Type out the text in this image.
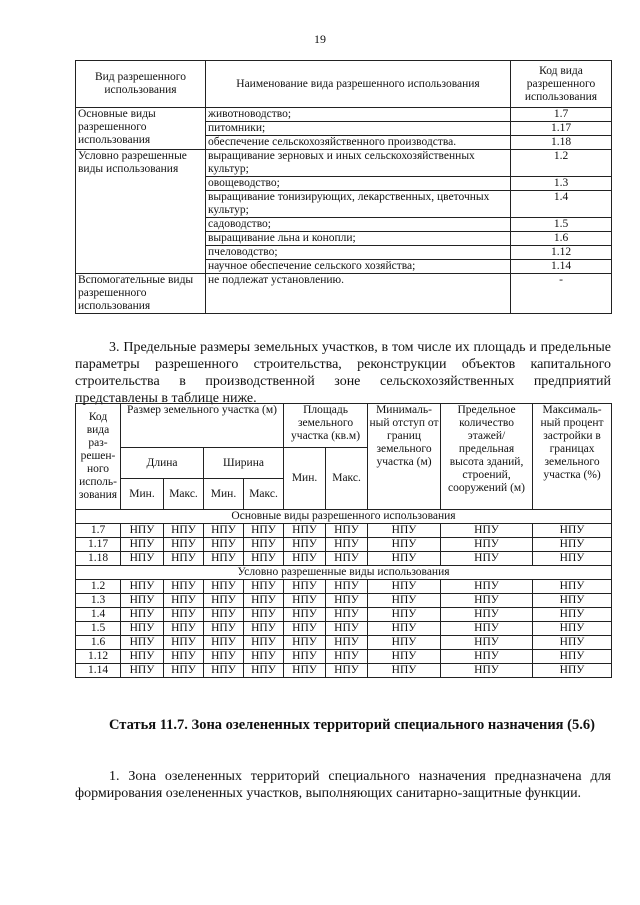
19
Вид разрешенного использования	Наименование вида разрешенного использования	Код вида разрешенного использования
Основные виды разрешенного использования	животноводство;	1.7
	питомники;	1.17
	обеспечение сельскохозяйственного производства.	1.18
Условно разрешенные виды использования	выращивание зерновых и иных сельскохозяйственных культур;	1.2
	овощеводство;	1.3
	выращивание тонизирующих, лекарственных, цветочных культур;	1.4
	садоводство;	1.5
	выращивание льна и конопли;	1.6
	пчеловодство;	1.12
	научное обеспечение сельского хозяйства;	1.14
Вспомогательные виды разрешенного использования	не подлежат установлению.	-
3. Предельные размеры земельных участков, в том числе их площадь и предельные параметры разрешенного строительства, реконструкции объектов капитального строительства в производственной зоне сельскохозяйственных предприятий представлены в таблице ниже.
Код вида раз-решен-ного исполь-зования	Размер земельного участка (м)				Площадь земельного участка (кв.м)		Минималь-ный отступ от границ земельного участка (м)	Предельное количество этажей/ предельная высота зданий, строений, сооружений (м)	Максималь-ный процент застройки в границах земельного участка (%)
	Длина		Ширина		Мин.	Макс.			
	Мин.	Макс.	Мин.	Макс.					
Основные виды разрешенного использования									
1.7	НПУ	НПУ	НПУ	НПУ	НПУ	НПУ	НПУ	НПУ	НПУ
1.17	НПУ	НПУ	НПУ	НПУ	НПУ	НПУ	НПУ	НПУ	НПУ
1.18	НПУ	НПУ	НПУ	НПУ	НПУ	НПУ	НПУ	НПУ	НПУ
Условно разрешенные виды использования									
1.2	НПУ	НПУ	НПУ	НПУ	НПУ	НПУ	НПУ	НПУ	НПУ
1.3	НПУ	НПУ	НПУ	НПУ	НПУ	НПУ	НПУ	НПУ	НПУ
1.4	НПУ	НПУ	НПУ	НПУ	НПУ	НПУ	НПУ	НПУ	НПУ
1.5	НПУ	НПУ	НПУ	НПУ	НПУ	НПУ	НПУ	НПУ	НПУ
1.6	НПУ	НПУ	НПУ	НПУ	НПУ	НПУ	НПУ	НПУ	НПУ
1.12	НПУ	НПУ	НПУ	НПУ	НПУ	НПУ	НПУ	НПУ	НПУ
1.14	НПУ	НПУ	НПУ	НПУ	НПУ	НПУ	НПУ	НПУ	НПУ
Статья 11.7. Зона озелененных территорий специального назначения (5.6)
1. Зона озелененных территорий специального назначения предназначена для формирования озелененных участков, выполняющих санитарно-защитные функции.
